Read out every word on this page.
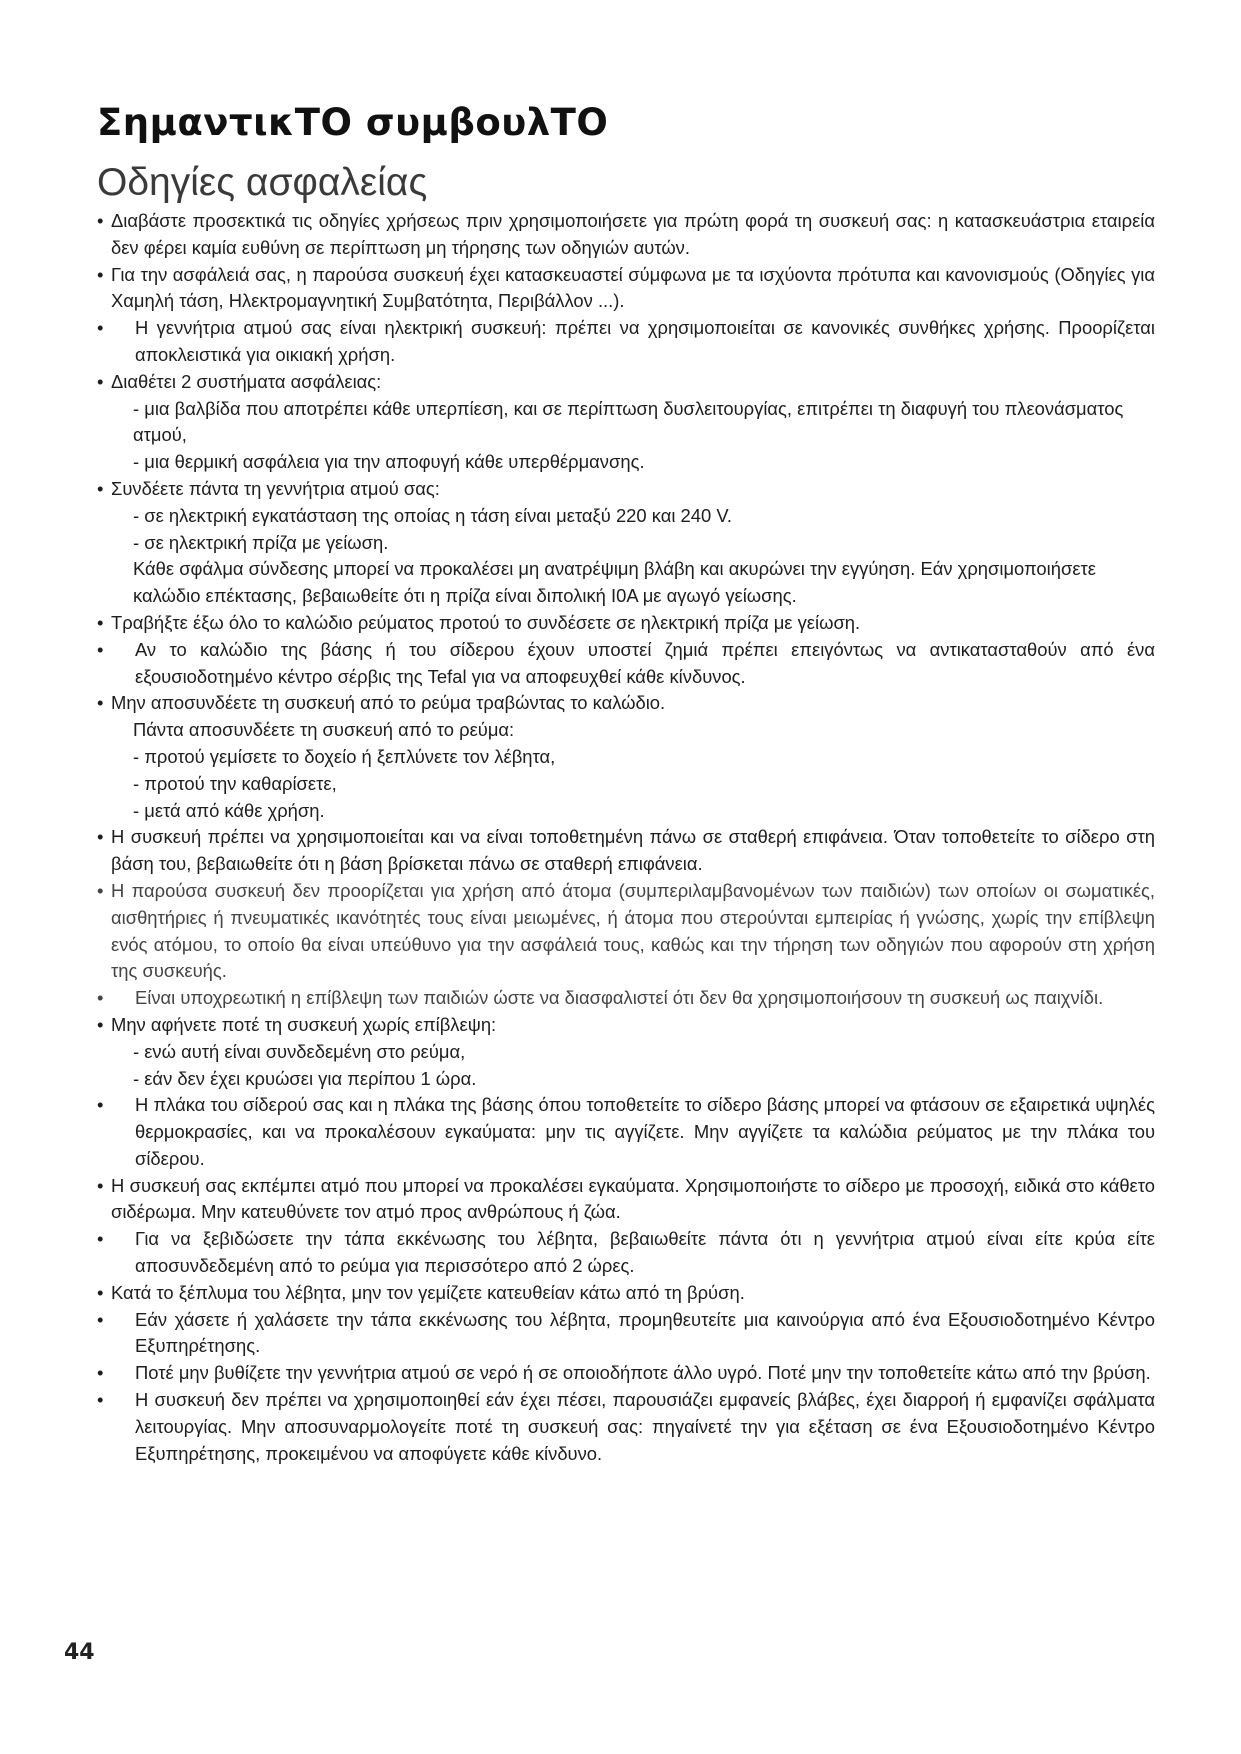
ΣημαντικΤΟ συμβουλΤΟ
Οδηγίες ασφαλείας
• Διαβάστε προσεκτικά τις οδηγίες χρήσεως πριν χρησιμοποιήσετε για πρώτη φορά τη συσκευή σας: η κατασκευάστρια εταιρεία δεν φέρει καμία ευθύνη σε περίπτωση μη τήρησης των οδηγιών αυτών.
• Για την ασφάλειά σας, η παρούσα συσκευή έχει κατασκευαστεί σύμφωνα με τα ισχύοντα πρότυπα και κανονισμούς (Οδηγίες για Χαμηλή τάση, Ηλεκτρομαγνητική Συμβατότητα, Περιβάλλον ...).
•	Η γεννήτρια ατμού σας είναι ηλεκτρική συσκευή: πρέπει να χρησιμοποιείται σε κανονικές συνθήκες χρήσης. Προορίζεται αποκλειστικά για οικιακή χρήση.
• Διαθέτει 2 συστήματα ασφάλειας:
- μια βαλβίδα που αποτρέπει κάθε υπερπίεση, και σε περίπτωση δυσλειτουργίας, επιτρέπει τη διαφυγή του πλεονάσματος ατμού,
- μια θερμική ασφάλεια για την αποφυγή κάθε υπερθέρμανσης.
• Συνδέετε πάντα τη γεννήτρια ατμού σας:
- σε ηλεκτρική εγκατάσταση της οποίας η τάση είναι μεταξύ 220 και 240 V.
- σε ηλεκτρική πρίζα με γείωση.
Κάθε σφάλμα σύνδεσης μπορεί να προκαλέσει μη ανατρέψιμη βλάβη και ακυρώνει την εγγύηση. Εάν χρησιμοποιήσετε καλώδιο επέκτασης, βεβαιωθείτε ότι η πρίζα είναι διπολική I0A με αγωγό γείωσης.
• Τραβήξτε έξω όλο το καλώδιο ρεύματος προτού το συνδέσετε σε ηλεκτρική πρίζα με γείωση.
•	Αν το καλώδιο της βάσης ή του σίδερου έχουν υποστεί ζημιά πρέπει επειγόντως να αντικατασταθούν από ένα εξουσιοδοτημένο κέντρο σέρβις της Tefal για να αποφευχθεί κάθε κίνδυνος.
• Μην αποσυνδέετε τη συσκευή από το ρεύμα τραβώντας το καλώδιο.
Πάντα αποσυνδέετε τη συσκευή από το ρεύμα:
- προτού γεμίσετε το δοχείο ή ξεπλύνετε τον λέβητα,
- προτού την καθαρίσετε,
- μετά από κάθε χρήση.
• Η συσκευή πρέπει να χρησιμοποιείται και να είναι τοποθετημένη πάνω σε σταθερή επιφάνεια. Όταν τοποθετείτε το σίδερο στη βάση του, βεβαιωθείτε ότι η βάση βρίσκεται πάνω σε σταθερή επιφάνεια.
• Η παρούσα συσκευή δεν προορίζεται για χρήση από άτομα (συμπεριλαμβανομένων των παιδιών) των οποίων οι σωματικές, αισθητήριες ή πνευματικές ικανότητές τους είναι μειωμένες, ή άτομα που στερούνται εμπειρίας ή γνώσης, χωρίς την επίβλεψη ενός ατόμου, το οποίο θα είναι υπεύθυνο για την ασφάλειά τους, καθώς και την τήρηση των οδηγιών που αφορούν στη χρήση της συσκευής.
•	Είναι υποχρεωτική η επίβλεψη των παιδιών ώστε να διασφαλιστεί ότι δεν θα χρησιμοποιήσουν τη συσκευή ως παιχνίδι.
• Μην αφήνετε ποτέ τη συσκευή χωρίς επίβλεψη:
- ενώ αυτή είναι συνδεδεμένη στο ρεύμα,
- εάν δεν έχει κρυώσει για περίπου 1 ώρα.
•	Η πλάκα του σίδερού σας και η πλάκα της βάσης όπου τοποθετείτε το σίδερο βάσης μπορεί να φτάσουν σε εξαιρετικά υψηλές θερμοκρασίες, και να προκαλέσουν εγκαύματα: μην τις αγγίζετε. Μην αγγίζετε τα καλώδια ρεύματος με την πλάκα του σίδερου.
• Η συσκευή σας εκπέμπει ατμό που μπορεί να προκαλέσει εγκαύματα. Χρησιμοποιήστε το σίδερο με προσοχή, ειδικά στο κάθετο σιδέρωμα. Μην κατευθύνετε τον ατμό προς ανθρώπους ή ζώα.
•	Για να ξεβιδώσετε την τάπα εκκένωσης του λέβητα, βεβαιωθείτε πάντα ότι η γεννήτρια ατμού είναι είτε κρύα είτε αποσυνδεδεμένη από το ρεύμα για περισσότερο από 2 ώρες.
• Κατά το ξέπλυμα του λέβητα, μην τον γεμίζετε κατευθείαν κάτω από τη βρύση.
•	Εάν χάσετε ή χαλάσετε την τάπα εκκένωσης του λέβητα, προμηθευτείτε μια καινούργια από ένα Εξουσιοδοτημένο Κέντρο Εξυπηρέτησης.
•	Ποτέ μην βυθίζετε την γεννήτρια ατμού σε νερό ή σε οποιοδήποτε άλλο υγρό. Ποτέ μην την τοποθετείτε κάτω από την βρύση.
•	Η συσκευή δεν πρέπει να χρησιμοποιηθεί εάν έχει πέσει, παρουσιάζει εμφανείς βλάβες, έχει διαρροή ή εμφανίζει σφάλματα λειτουργίας. Μην αποσυναρμολογείτε ποτέ τη συσκευή σας: πηγαίνετέ την για εξέταση σε ένα Εξουσιοδοτημένο Κέντρο Εξυπηρέτησης, προκειμένου να αποφύγετε κάθε κίνδυνο.
44
